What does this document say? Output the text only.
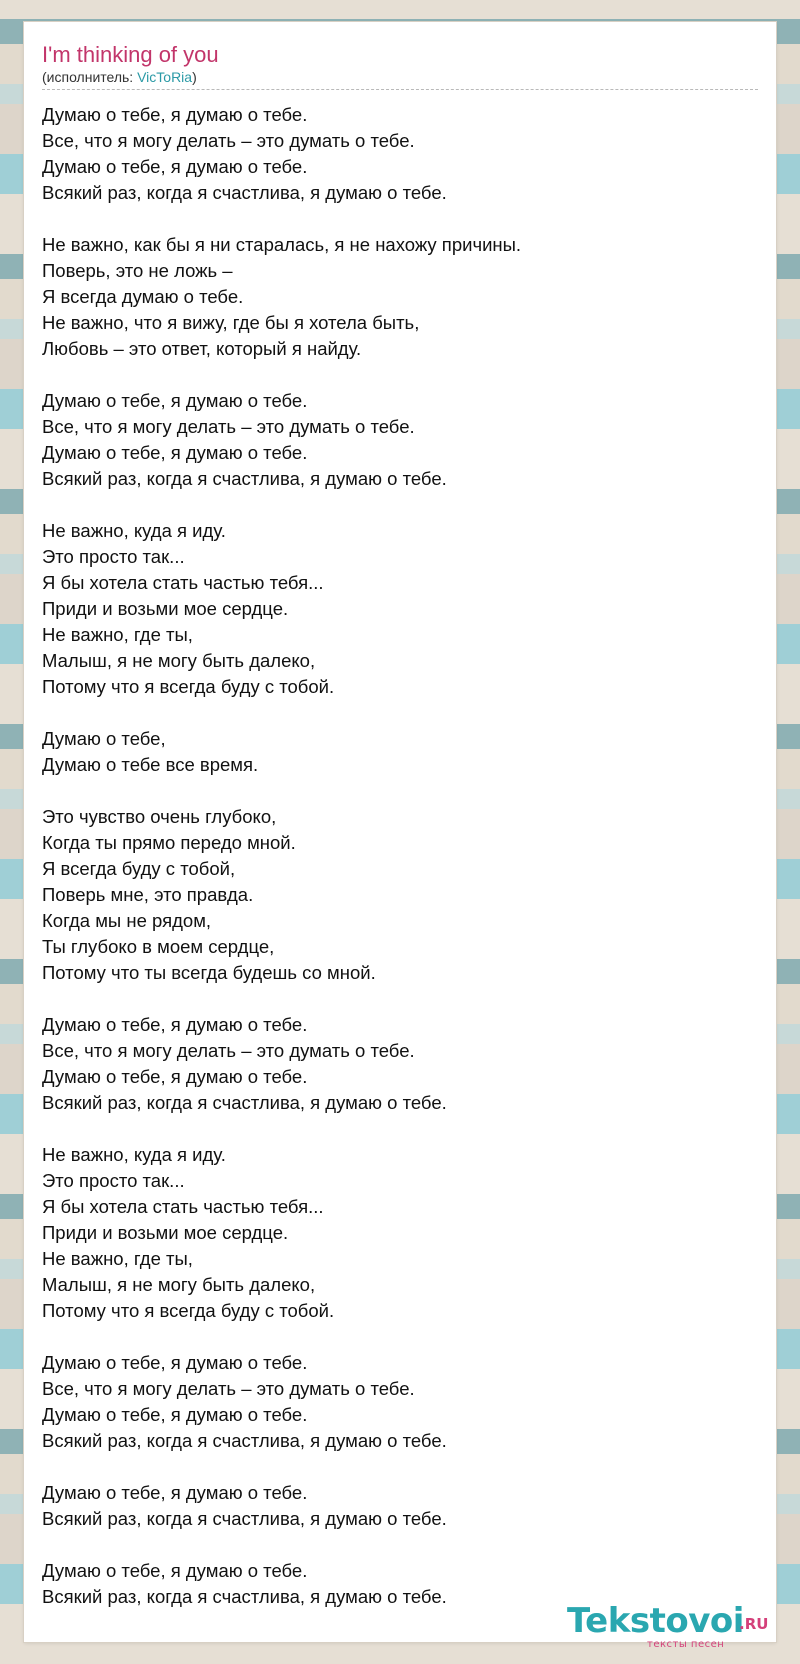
I'm thinking of you
(исполнитель: VicToRia)
Думаю о тебе, я думаю о тебе.
Все, что я могу делать – это думать о тебе.
Думаю о тебе, я думаю о тебе.
Всякий раз, когда я счастлива, я думаю о тебе.
Не важно, как бы я ни старалась, я не нахожу причины.
Поверь, это не ложь –
Я всегда думаю о тебе.
Не важно, что я вижу, где бы я хотела быть,
Любовь – это ответ, который я найду.
Думаю о тебе, я думаю о тебе.
Все, что я могу делать – это думать о тебе.
Думаю о тебе, я думаю о тебе.
Всякий раз, когда я счастлива, я думаю о тебе.
Не важно, куда я иду.
Это просто так...
Я бы хотела стать частью тебя...
Приди и возьми мое сердце.
Не важно, где ты,
Малыш, я не могу быть далеко,
Потому что я всегда буду с тобой.
Думаю о тебе,
Думаю о тебе все время.
Это чувство очень глубоко,
Когда ты прямо передо мной.
Я всегда буду с тобой,
Поверь мне, это правда.
Когда мы не рядом,
Ты глубоко в моем сердце,
Потому что ты всегда будешь со мной.
Думаю о тебе, я думаю о тебе.
Все, что я могу делать – это думать о тебе.
Думаю о тебе, я думаю о тебе.
Всякий раз, когда я счастлива, я думаю о тебе.
Не важно, куда я иду.
Это просто так...
Я бы хотела стать частью тебя...
Приди и возьми мое сердце.
Не важно, где ты,
Малыш, я не могу быть далеко,
Потому что я всегда буду с тобой.
Думаю о тебе, я думаю о тебе.
Все, что я могу делать – это думать о тебе.
Думаю о тебе, я думаю о тебе.
Всякий раз, когда я счастлива, я думаю о тебе.
Думаю о тебе, я думаю о тебе.
Всякий раз, когда я счастлива, я думаю о тебе.
Думаю о тебе, я думаю о тебе.
Всякий раз, когда я счастлива, я думаю о тебе.
Tekstovoi
.RU
тексты песен
